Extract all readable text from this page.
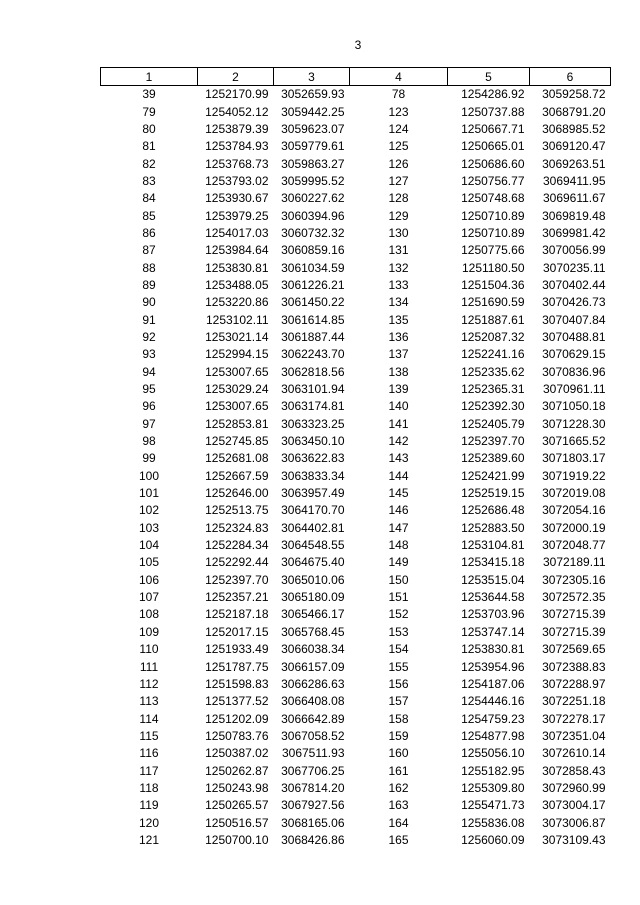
3
1	2	3	4	5	6
39	1252170.99	3052659.93	78	1254286.92	3059258.72
79	1254052.12	3059442.25	123	1250737.88	3068791.20
80	1253879.39	3059623.07	124	1250667.71	3068985.52
81	1253784.93	3059779.61	125	1250665.01	3069120.47
82	1253768.73	3059863.27	126	1250686.60	3069263.51
83	1253793.02	3059995.52	127	1250756.77	3069411.95
84	1253930.67	3060227.62	128	1250748.68	3069611.67
85	1253979.25	3060394.96	129	1250710.89	3069819.48
86	1254017.03	3060732.32	130	1250710.89	3069981.42
87	1253984.64	3060859.16	131	1250775.66	3070056.99
88	1253830.81	3061034.59	132	1251180.50	3070235.11
89	1253488.05	3061226.21	133	1251504.36	3070402.44
90	1253220.86	3061450.22	134	1251690.59	3070426.73
91	1253102.11	3061614.85	135	1251887.61	3070407.84
92	1253021.14	3061887.44	136	1252087.32	3070488.81
93	1252994.15	3062243.70	137	1252241.16	3070629.15
94	1253007.65	3062818.56	138	1252335.62	3070836.96
95	1253029.24	3063101.94	139	1252365.31	3070961.11
96	1253007.65	3063174.81	140	1252392.30	3071050.18
97	1252853.81	3063323.25	141	1252405.79	3071228.30
98	1252745.85	3063450.10	142	1252397.70	3071665.52
99	1252681.08	3063622.83	143	1252389.60	3071803.17
100	1252667.59	3063833.34	144	1252421.99	3071919.22
101	1252646.00	3063957.49	145	1252519.15	3072019.08
102	1252513.75	3064170.70	146	1252686.48	3072054.16
103	1252324.83	3064402.81	147	1252883.50	3072000.19
104	1252284.34	3064548.55	148	1253104.81	3072048.77
105	1252292.44	3064675.40	149	1253415.18	3072189.11
106	1252397.70	3065010.06	150	1253515.04	3072305.16
107	1252357.21	3065180.09	151	1253644.58	3072572.35
108	1252187.18	3065466.17	152	1253703.96	3072715.39
109	1252017.15	3065768.45	153	1253747.14	3072715.39
110	1251933.49	3066038.34	154	1253830.81	3072569.65
111	1251787.75	3066157.09	155	1253954.96	3072388.83
112	1251598.83	3066286.63	156	1254187.06	3072288.97
113	1251377.52	3066408.08	157	1254446.16	3072251.18
114	1251202.09	3066642.89	158	1254759.23	3072278.17
115	1250783.76	3067058.52	159	1254877.98	3072351.04
116	1250387.02	3067511.93	160	1255056.10	3072610.14
117	1250262.87	3067706.25	161	1255182.95	3072858.43
118	1250243.98	3067814.20	162	1255309.80	3072960.99
119	1250265.57	3067927.56	163	1255471.73	3073004.17
120	1250516.57	3068165.06	164	1255836.08	3073006.87
121	1250700.10	3068426.86	165	1256060.09	3073109.43
